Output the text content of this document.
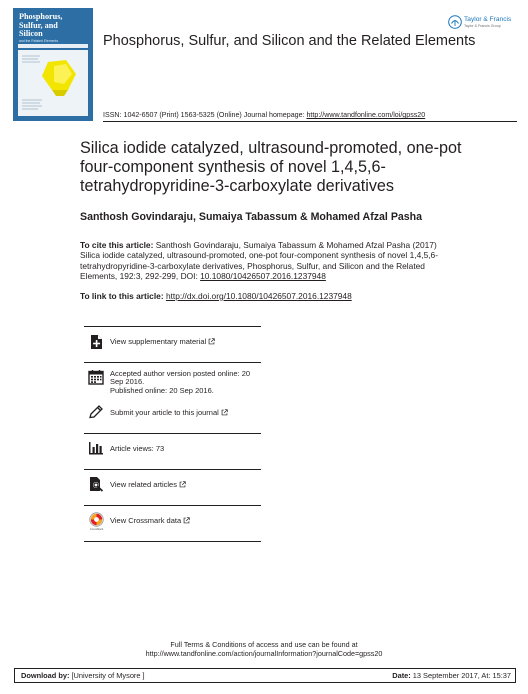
Phosphorus,
Sulfur, and
Silicon
and the Related Elements	Phosphorus, Sulfur, and Silicon and the Related Elements
Taylor & Francis
Taylor & Francis Group
ISSN: 1042-6507 (Print) 1563-5325 (Online) Journal homepage: http://www.tandfonline.com/loi/gpss20
Silica iodide catalyzed, ultrasound-promoted, one-pot four-component synthesis of novel 1,4,5,6-tetrahydropyridine-3-carboxylate derivatives
Santhosh Govindaraju, Sumaiya Tabassum & Mohamed Afzal Pasha
To cite this article: Santhosh Govindaraju, Sumaiya Tabassum & Mohamed Afzal Pasha (2017) Silica iodide catalyzed, ultrasound-promoted, one-pot four-component synthesis of novel 1,4,5,6-tetrahydropyridine-3-carboxylate derivatives, Phosphorus, Sulfur, and Silicon and the Related Elements, 192:3, 292-299, DOI: 10.1080/10426507.2016.1237948
To link to this article: http://dx.doi.org/10.1080/10426507.2016.1237948
View supplementary material
Accepted author version posted online: 20
Sep 2016.
Published online: 20 Sep 2016.
Submit your article to this journal
Article views: 73
View related articles
CrossMark
View Crossmark data
Full Terms & Conditions of access and use can be found at
http://www.tandfonline.com/action/journalInformation?journalCode=gpss20
Download by: [University of Mysore ]	Date: 13 September 2017, At: 15:37
